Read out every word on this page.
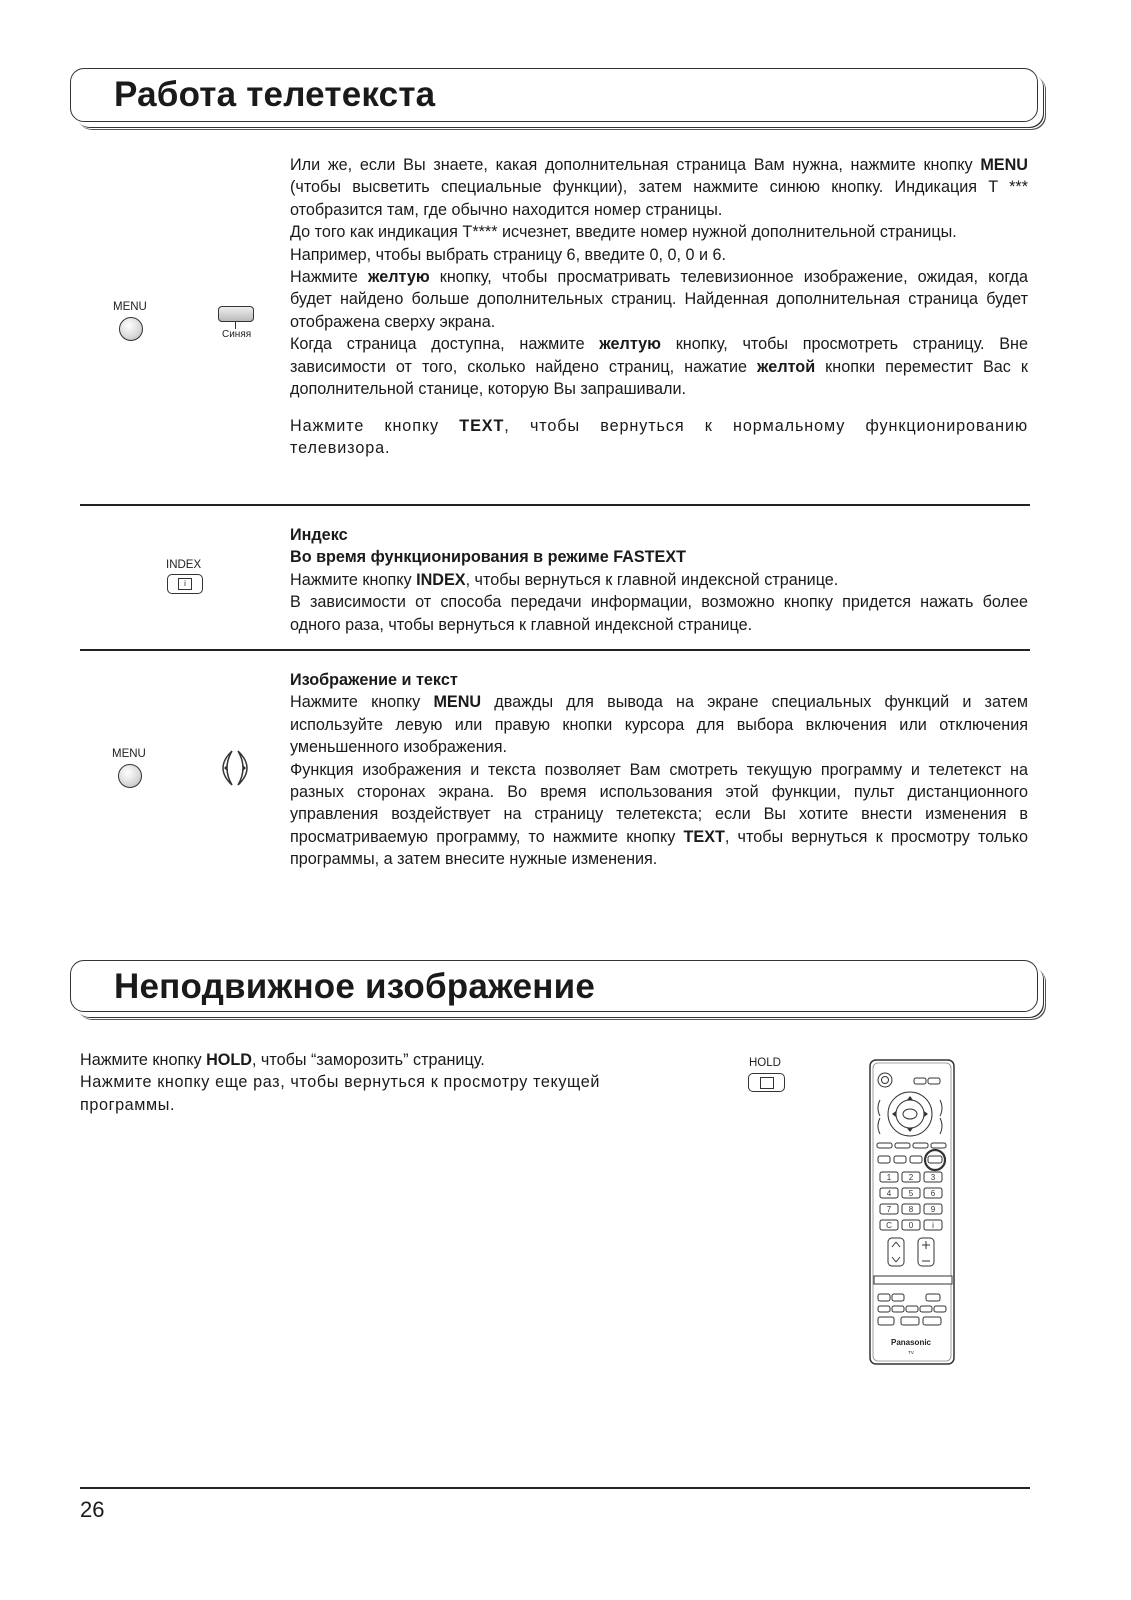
Работа телетекста
MENU
Синяя

Или же, если Вы знаете, какая дополнительная страница Вам нужна, нажмите кнопку MENU (чтобы высветить специальные функции), затем нажмите синюю кнопку. Индикация T *** отобразится там, где обычно находится номер страницы.

До того как индикация T**** исчезнет, введите номер нужной дополнительной страницы.

Например, чтобы выбрать страницу 6, введите 0, 0, 0 и 6.

Нажмите желтую кнопку, чтобы просматривать телевизионное изображение, ожидая, когда будет найдено больше дополнительных страниц. Найденная дополнительная страница будет отображена сверху экрана.

Когда страница доступна, нажмите желтую кнопку, чтобы просмотреть страницу. Вне зависимости от того, сколько найдено страниц, нажатие желтой кнопки переместит Вас к дополнительной станице, которую Вы запрашивали.

Нажмите кнопку TEXT, чтобы вернуться к нормальному функционированию телевизора.

INDEX
i

Индекс

Во время функционирования в режиме FASTEXT

Нажмите кнопку INDEX, чтобы вернуться к главной индексной странице.

В зависимости от способа передачи информации, возможно кнопку придется нажать более одного раза, чтобы вернуться к главной индексной странице.

MENU

Изображение и текст

Нажмите кнопку MENU дважды для вывода на экране специальных функций и затем используйте левую или правую кнопки курсора для выбора включения или отключения уменьшенного изображения.

Функция изображения и текста позволяет Вам смотреть текущую программу и телетекст на разных сторонах экрана. Во время использования этой функции, пульт дистанционного управления воздействует на страницу телетекста; если Вы хотите внести изменения в просматриваемую программу, то нажмите кнопку TEXT, чтобы вернуться к просмотру только программы, а затем внесите нужные изменения.

Неподвижное изображение

Нажмите кнопку HOLD, чтобы “заморозить” страницу.

Нажмите кнопку еще раз, чтобы вернуться к просмотру текущей программы.

HOLD
1 2 3
4 5 6
7 8 9
C 0 i
Panasonic
TV
26
